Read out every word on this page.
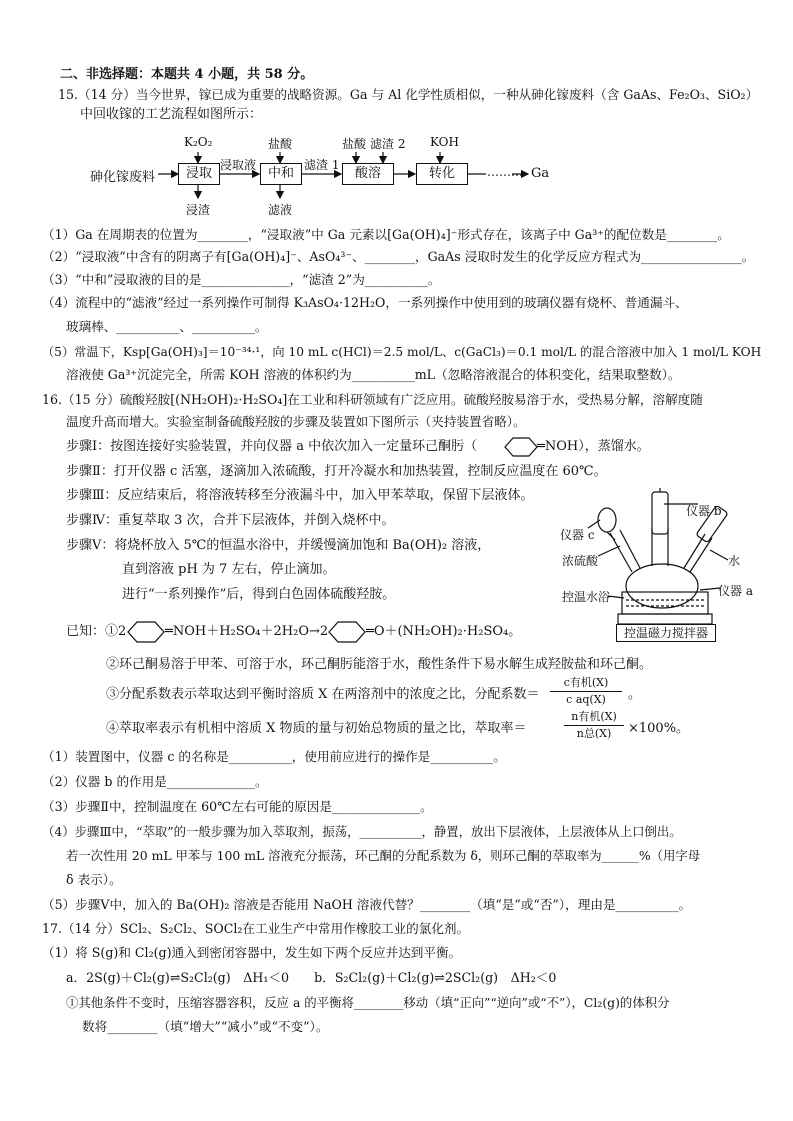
二、非选择题：本题共 4 小题，共 58 分。
15.（14 分）当今世界，镓已成为重要的战略资源。Ga 与 Al 化学性质相似，一种从砷化镓废料（含 GaAs、Fe₂O₃、SiO₂）
中回收镓的工艺流程如图所示：
砷化镓废料	浸取	中和	酸溶	转化	……… Ga
K₂O₂	盐酸	盐酸 滤渣 2 KOH
浸取液	滤渣 1
浸渣	滤液
（1）Ga 在周期表的位置为________，“浸取液”中 Ga 元素以[Ga(OH)₄]⁻形式存在，该离子中 Ga³⁺的配位数是________。
（2）“浸取液”中含有的阴离子有[Ga(OH)₄]⁻、AsO₄³⁻、________，GaAs 浸取时发生的化学反应方程式为________________。
（3）“中和”浸取液的目的是______________，“滤渣 2”为__________。
（4）流程中的“滤液”经过一系列操作可制得 K₃AsO₄·12H₂O，一系列操作中使用到的玻璃仪器有烧杯、普通漏斗、
玻璃棒、__________、__________。
（5）常温下，Ksp[Ga(OH)₃]＝10⁻³⁴·¹，向 10 mL c(HCl)＝2.5 mol/L、c(GaCl₃)＝0.1 mol/L 的混合溶液中加入 1 mol/L KOH
溶液使 Ga³⁺沉淀完全，所需 KOH 溶液的体积约为__________mL（忽略溶液混合的体积变化，结果取整数）。
16.（15 分）硫酸羟胺[(NH₂OH)₂·H₂SO₄]在工业和科研领域有广泛应用。硫酸羟胺易溶于水，受热易分解，溶解度随
温度升高而增大。实验室制备硫酸羟胺的步骤及装置如下图所示（夹持装置省略）。
步骤Ⅰ：按图连接好实验装置，并向仪器 a 中依次加入一定量环己酮肟（	═NOH），蒸馏水。
步骤Ⅱ：打开仪器 c 活塞，逐滴加入浓硫酸，打开冷凝水和加热装置，控制反应温度在 60℃。
步骤Ⅲ：反应结束后，将溶液转移至分液漏斗中，加入甲苯萃取，保留下层液体。
步骤Ⅳ：重复萃取 3 次，合并下层液体，并倒入烧杯中。
步骤Ⅴ：将烧杯放入 5℃的恒温水浴中，并缓慢滴加饱和 Ba(OH)₂ 溶液，
直到溶液 pH 为 7 左右，停止滴加。
进行“一系列操作”后，得到白色固体硫酸羟胺。
已知：①2	═NOH＋H₂SO₄＋2H₂O→2	═O＋(NH₂OH)₂·H₂SO₄。
②环己酮易溶于甲苯、可溶于水，环己酮肟能溶于水，酸性条件下易水解生成羟胺盐和环己酮。
③分配系数表示萃取达到平衡时溶质 X 在两溶剂中的浓度之比，分配系数＝
c有机(X)
c aq(X)	。
④萃取率表示有机相中溶质 X 物质的量与初始总物质的量之比，萃取率＝
n有机(X)
n总(X)	×100%。
仪器 b
仪器 c
浓硫酸	水
控温水浴	仪器 a
控温磁力搅拌器
（1）装置图中，仪器 c 的名称是__________，使用前应进行的操作是__________。
（2）仪器 b 的作用是______________。
（3）步骤Ⅱ中，控制温度在 60℃左右可能的原因是______________。
（4）步骤Ⅲ中，“萃取”的一般步骤为加入萃取剂，振荡，__________，静置，放出下层液体，上层液体从上口倒出。
若一次性用 20 mL 甲苯与 100 mL 溶液充分振荡，环己酮的分配系数为 δ，则环己酮的萃取率为______%（用字母
δ 表示）。
（5）步骤Ⅴ中，加入的 Ba(OH)₂ 溶液是否能用 NaOH 溶液代替？________（填“是”或“否”），理由是__________。
17.（14 分）SCl₂、S₂Cl₂、SOCl₂在工业生产中常用作橡胶工业的氯化剂。
（1）将 S(g)和 Cl₂(g)通入到密闭容器中，发生如下两个反应并达到平衡。
a．2S(g)＋Cl₂(g)⇌S₂Cl₂(g)　ΔH₁＜0　　b．S₂Cl₂(g)＋Cl₂(g)⇌2SCl₂(g)　ΔH₂＜0
①其他条件不变时，压缩容器容积，反应 a 的平衡将________移动（填“正向”“逆向”或“不”），Cl₂(g)的体积分
数将________（填“增大”“减小”或“不变”）。
